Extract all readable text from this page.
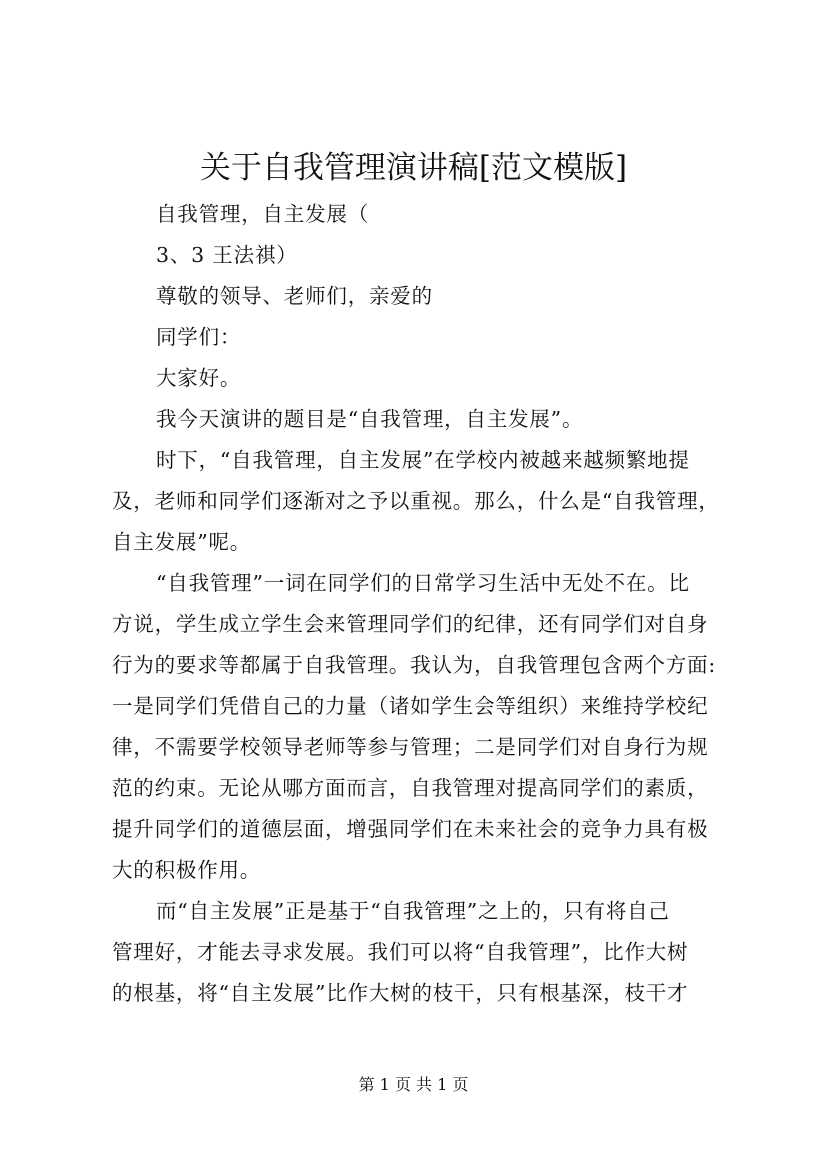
关于自我管理演讲稿[范文模版]

自我管理，自主发展（

3、3 王法祺）

尊敬的领导、老师们，亲爱的

同学们：

大家好。

我今天演讲的题目是“自我管理，自主发展”。

时下，“自我管理，自主发展”在学校内被越来越频繁地提
及，老师和同学们逐渐对之予以重视。那么，什么是“自我管理，
自主发展”呢。

“自我管理”一词在同学们的日常学习生活中无处不在。比
方说，学生成立学生会来管理同学们的纪律，还有同学们对自身
行为的要求等都属于自我管理。我认为，自我管理包含两个方面:
一是同学们凭借自己的力量（诸如学生会等组织）来维持学校纪
律，不需要学校领导老师等参与管理；二是同学们对自身行为规
范的约束。无论从哪方面而言，自我管理对提高同学们的素质，
提升同学们的道德层面，增强同学们在未来社会的竞争力具有极
大的积极作用。

而“自主发展”正是基于“自我管理”之上的，只有将自己
管理好，才能去寻求发展。我们可以将“自我管理”，比作大树
的根基，将“自主发展”比作大树的枝干，只有根基深，枝干才

第 1 页 共 1 页
